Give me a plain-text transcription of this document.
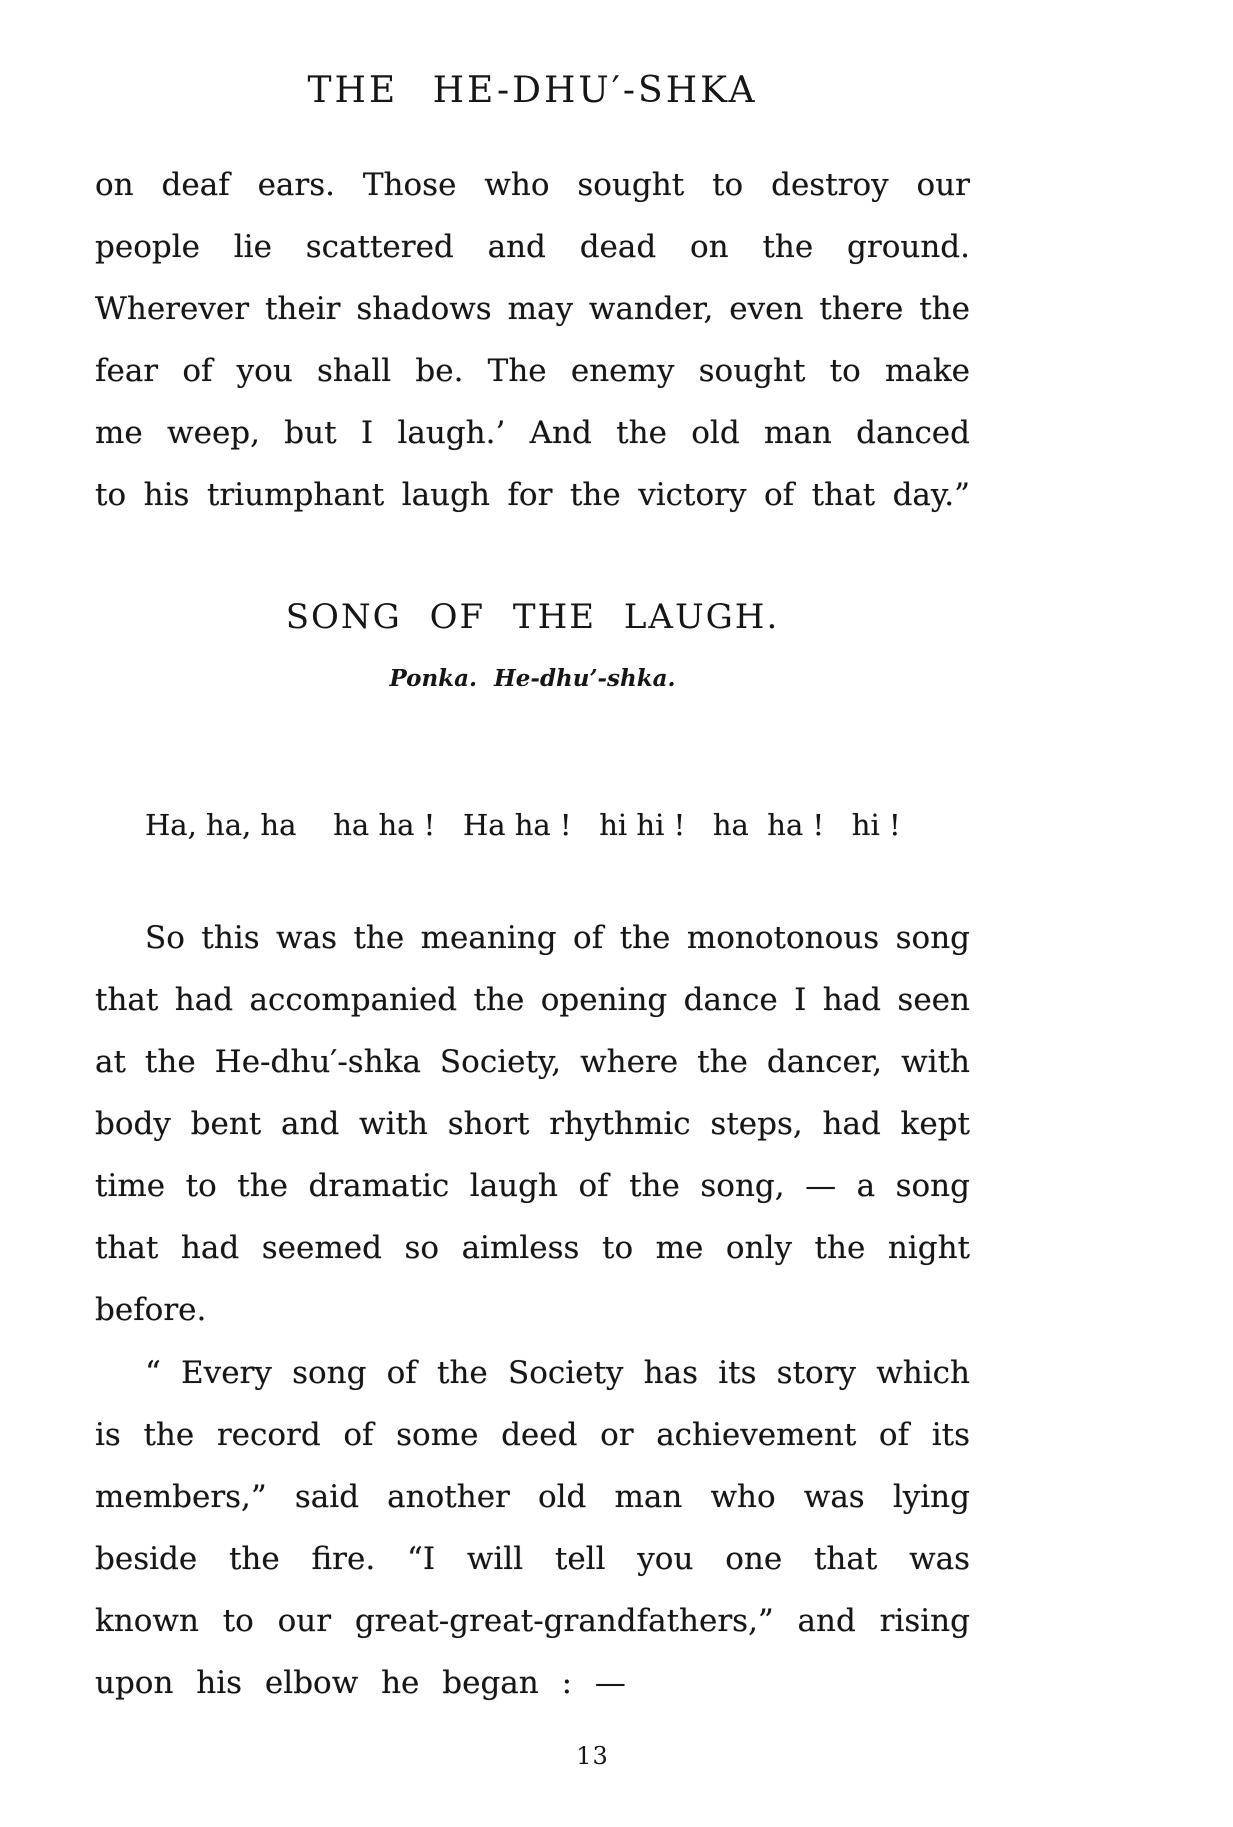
THE HE-DHU′-SHKA
on deaf ears. Those who sought to destroy our
people lie scattered and dead on the ground.
Wherever their shadows may wander, even there the
fear of you shall be. The enemy sought to make
me weep, but I laugh.’ And the old man danced
to his triumphant laugh for the victory of that day.”
SONG OF THE LAUGH.
Ponka. He-dhu’-shka.
Ha, ha, ha    ha ha !   Ha ha !   hi hi !   ha  ha !   hi !
So this was the meaning of the monotonous song
that had accompanied the opening dance I had seen
at the He-dhu′-shka Society, where the dancer, with
body bent and with short rhythmic steps, had kept
time to the dramatic laugh of the song, — a song
that had seemed so aimless to me only the night
before.
“ Every song of the Society has its story which
is the record of some deed or achievement of its
members,” said another old man who was lying
beside the fire. “I will tell you one that was
known to our great-great-grandfathers,” and rising
upon his elbow he began : —
13
